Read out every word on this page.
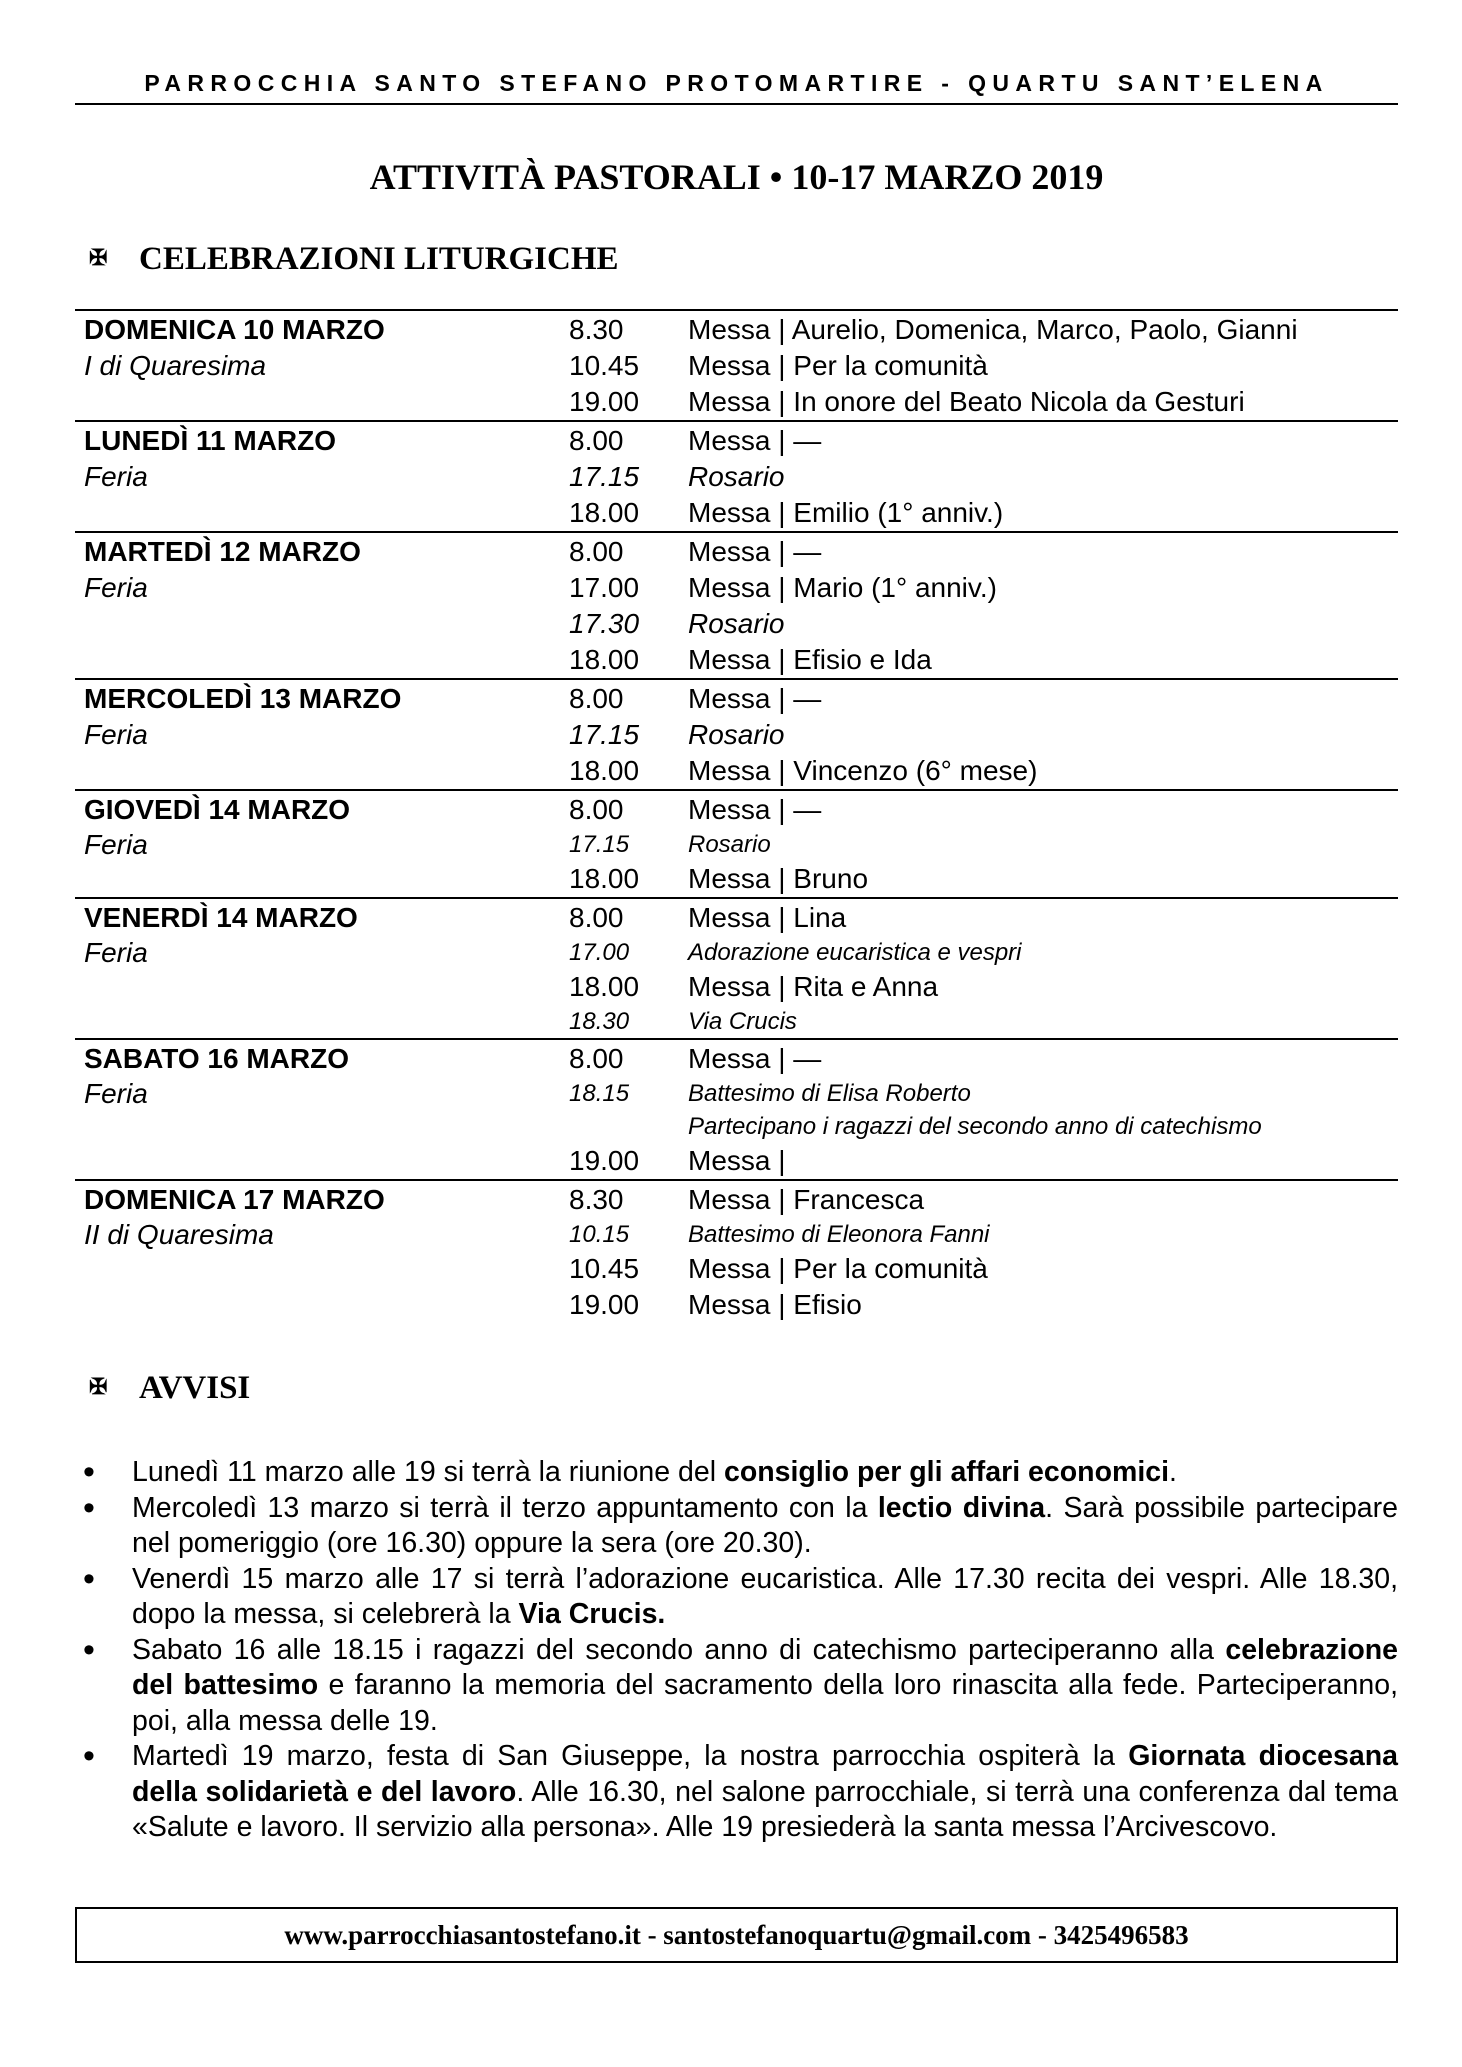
PARROCCHIA SANTO STEFANO PROTOMARTIRE - QUARTU SANT’ELENA
ATTIVITÀ PASTORALI • 10-17 MARZO 2019
✠ CELEBRAZIONI LITURGICHE
DOMENICA 10 MARZO	8.30	Messa | Aurelio, Domenica, Marco, Paolo, Gianni
I di Quaresima	10.45	Messa | Per la comunità
19.00	Messa | In onore del Beato Nicola da Gesturi
LUNEDÌ 11 MARZO	8.00	Messa | —
Feria	17.15	Rosario
18.00	Messa | Emilio (1° anniv.)
MARTEDÌ 12 MARZO	8.00	Messa | —
Feria	17.00	Messa | Mario (1° anniv.)
17.30	Rosario
18.00	Messa | Efisio e Ida
MERCOLEDÌ 13 MARZO	8.00	Messa | —
Feria	17.15	Rosario
18.00	Messa | Vincenzo (6° mese)
GIOVEDÌ 14 MARZO	8.00	Messa | —
Feria	17.15	Rosario
18.00	Messa | Bruno
VENERDÌ 14 MARZO	8.00	Messa | Lina
Feria	17.00	Adorazione eucaristica e vespri
18.00	Messa | Rita e Anna
18.30	Via Crucis
SABATO 16 MARZO	8.00	Messa | —
Feria	18.15	Battesimo di Elisa Roberto
Partecipano i ragazzi del secondo anno di catechismo
19.00	Messa |
DOMENICA 17 MARZO	8.30	Messa | Francesca
II di Quaresima	10.15	Battesimo di Eleonora Fanni
10.45	Messa | Per la comunità
19.00	Messa | Efisio
✠ AVVISI
• Lunedì 11 marzo alle 19 si terrà la riunione del consiglio per gli affari economici.
• Mercoledì 13 marzo si terrà il terzo appuntamento con la lectio divina. Sarà possibile partecipare nel pomeriggio (ore 16.30) oppure la sera (ore 20.30).
• Venerdì 15 marzo alle 17 si terrà l’adorazione eucaristica. Alle 17.30 recita dei vespri. Alle 18.30, dopo la messa, si celebrerà la Via Crucis.
• Sabato 16 alle 18.15 i ragazzi del secondo anno di catechismo parteciperanno alla celebrazione del battesimo e faranno la memoria del sacramento della loro rinascita alla fede. Parteciperanno, poi, alla messa delle 19.
• Martedì 19 marzo, festa di San Giuseppe, la nostra parrocchia ospiterà la Giornata diocesana della solidarietà e del lavoro. Alle 16.30, nel salone parrocchiale, si terrà una conferenza dal tema «Salute e lavoro. Il servizio alla persona». Alle 19 presiederà la santa messa l’Arcivescovo.
www.parrocchiasantostefano.it - santostefanoquartu@gmail.com - 3425496583
